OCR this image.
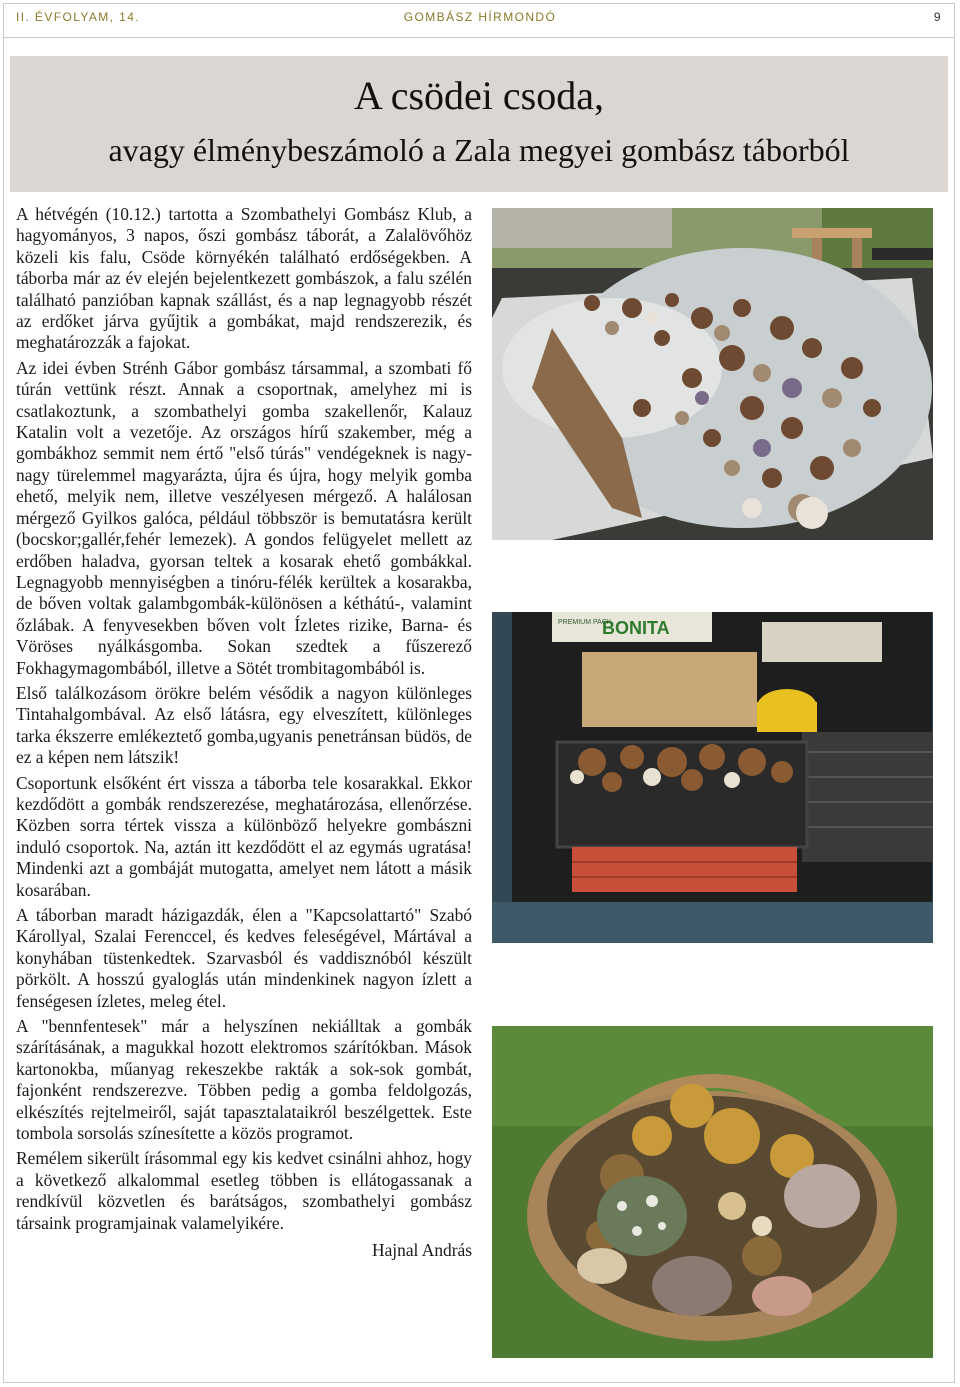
II. ÉVFOLYAM, 14.	GOMBÁSZ HÍRMONDÓ	9
A csödei csoda,
avagy élménybeszámoló a Zala megyei gombász táborból

A hétvégén (10.12.) tartotta a Szombathelyi Gombász Klub, a hagyományos, 3 napos, őszi gombász táborát, a Zalalövőhöz közeli kis falu, Csöde környékén található erdőségekben. A táborba már az év elején bejelentkezett gombászok, a falu szélén található panzióban kapnak szállást, és a nap legnagyobb részét az erdőket járva gyűjtik a gombákat, majd rendszerezik, és meghatározzák a fajokat.

Az idei évben Strénh Gábor gombász társammal, a szombati fő túrán vettünk részt. Annak a csoportnak, amelyhez mi is csatlakoztunk, a szombathelyi gomba szakellenőr, Kalauz Katalin volt a vezetője. Az országos hírű szakember, még a gombákhoz semmit nem értő "első túrás" vendégeknek is nagy-nagy türelemmel magyarázta, újra és újra, hogy melyik gomba ehető, melyik nem, illetve veszélyesen mérgező. A halálosan mérgező Gyilkos galóca, például többször is bemutatásra került (bocskor;gallér,fehér lemezek). A gondos felügyelet mellett az erdőben haladva, gyorsan teltek a kosarak ehető gombákkal. Legnagyobb mennyiségben a tinóru-félék kerültek a kosarakba, de bőven voltak galambgombák-különösen a kéthátú-, valamint őzlábak. A fenyvesekben bőven volt Ízletes rizike, Barna- és Vöröses nyálkásgomba. Sokan szedtek a fűszerező Fokhagymagombából, illetve a Sötét trombitagombából is.

Első találkozásom örökre belém vésődik a nagyon különleges Tintahalgombával. Az első látásra, egy elveszített, különleges tarka ékszerre emlékeztető gomba,ugyanis penetránsan büdös, de ez a képen nem látszik!

Csoportunk elsőként ért vissza a táborba tele kosarakkal. Ekkor kezdődött a gombák rendszerezése, meghatározása, ellenőrzése. Közben sorra tértek vissza a különböző helyekre gombászni induló csoportok. Na, aztán itt kezdődött el az egymás ugratása! Mindenki azt a gombáját mutogatta, amelyet nem látott a másik kosarában.

A táborban maradt házigazdák, élen a "Kapcsolattartó" Szabó Károllyal, Szalai Ferenccel, és kedves feleségével, Mártával a konyhában tüstenkedtek. Szarvasból és vaddisznóból készült pörkölt. A hosszú gyaloglás után mindenkinek nagyon ízlett a fenségesen ízletes, meleg étel.

A "bennfentesek" már a helyszínen nekiálltak a gombák szárításának, a magukkal hozott elektromos szárítókban. Mások kartonokba, műanyag rekeszekbe rakták a sok-sok gombát, fajonként rendszerezve. Többen pedig a gomba feldolgozás, elkészítés rejtelmeiről, saját tapasztalataikról beszélgettek. Este tombola sorsolás színesítette a közös programot.

Remélem sikerült írásommal egy kis kedvet csinálni ahhoz, hogy a következő alkalommal esetleg többen is ellátogassanak a rendkívül közvetlen és barátságos, szombathelyi gombász társaink programjainak valamelyikére.

Hajnal András

BONITA
PREMIUM PACK
